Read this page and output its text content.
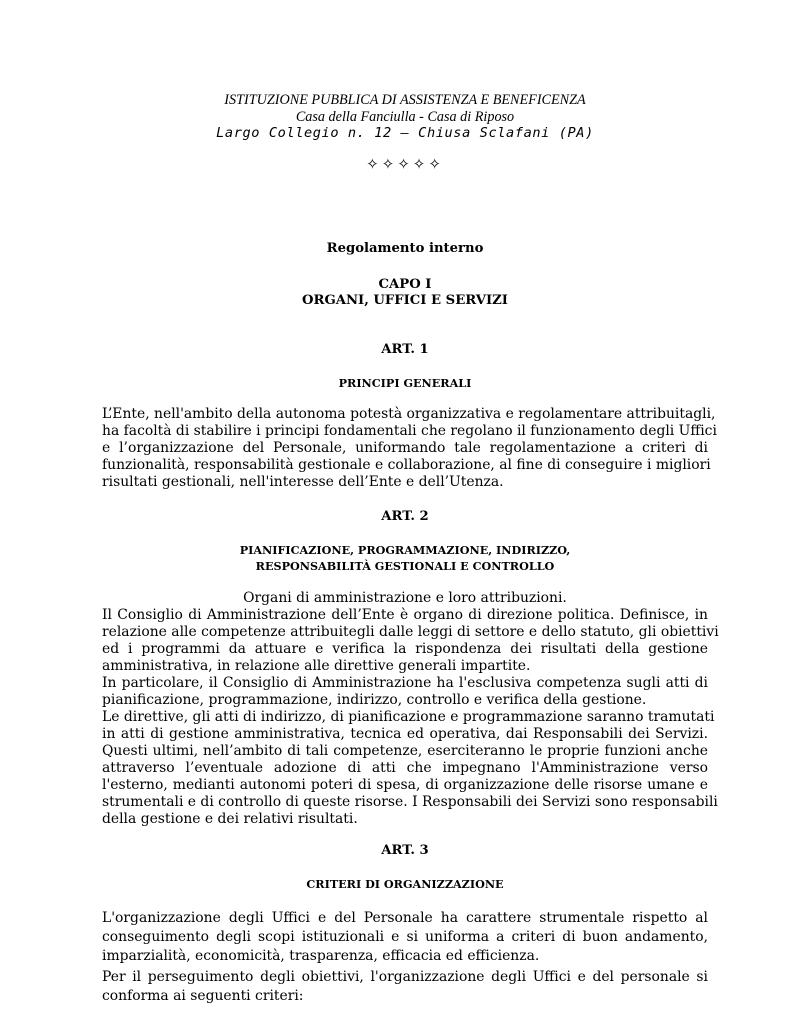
ISTITUZIONE PUBBLICA DI ASSISTENZA E BENEFICENZA
Casa della Fanciulla - Casa di Riposo
Largo Collegio n. 12 – Chiusa Sclafani (PA)
✧✧✧✧✧
Regolamento interno
CAPO I
ORGANI, UFFICI E SERVIZI
ART. 1
PRINCIPI GENERALI
L’Ente, nell'ambito della autonoma potestà organizzativa e regolamentare attribuitagli,
ha facoltà di stabilire i principi fondamentali che regolano il funzionamento degli Uffici
e l’organizzazione del Personale, uniformando tale regolamentazione a criteri di
funzionalità, responsabilità gestionale e collaborazione, al fine di conseguire i migliori
risultati gestionali, nell'interesse dell’Ente e dell’Utenza.
ART. 2
PIANIFICAZIONE, PROGRAMMAZIONE, INDIRIZZO,
RESPONSABILITÀ GESTIONALI E CONTROLLO
Organi di amministrazione e loro attribuzioni.
Il Consiglio di Amministrazione dell’Ente è organo di direzione politica. Definisce, in
relazione alle competenze attribuitegli dalle leggi di settore e dello statuto, gli obiettivi
ed i programmi da attuare e verifica la rispondenza dei risultati della gestione
amministrativa, in relazione alle direttive generali impartite.
In particolare, il Consiglio di Amministrazione ha l'esclusiva competenza sugli atti di
pianificazione, programmazione, indirizzo, controllo e verifica della gestione.
Le direttive, gli atti di indirizzo, di pianificazione e programmazione saranno tramutati
in atti di gestione amministrativa, tecnica ed operativa, dai Responsabili dei Servizi.
Questi ultimi, nell’ambito di tali competenze, eserciteranno le proprie funzioni anche
attraverso l’eventuale adozione di atti che impegnano l'Amministrazione verso
l'esterno, medianti autonomi poteri di spesa, di organizzazione delle risorse umane e
strumentali e di controllo di queste risorse. I Responsabili dei Servizi sono responsabili
della gestione e dei relativi risultati.
ART. 3
CRITERI DI ORGANIZZAZIONE
L'organizzazione degli Uffici e del Personale ha carattere strumentale rispetto al
conseguimento degli scopi istituzionali e si uniforma a criteri di buon andamento,
imparzialità, economicità, trasparenza, efficacia ed efficienza.
Per il perseguimento degli obiettivi, l'organizzazione degli Uffici e del personale si
conforma ai seguenti criteri:
